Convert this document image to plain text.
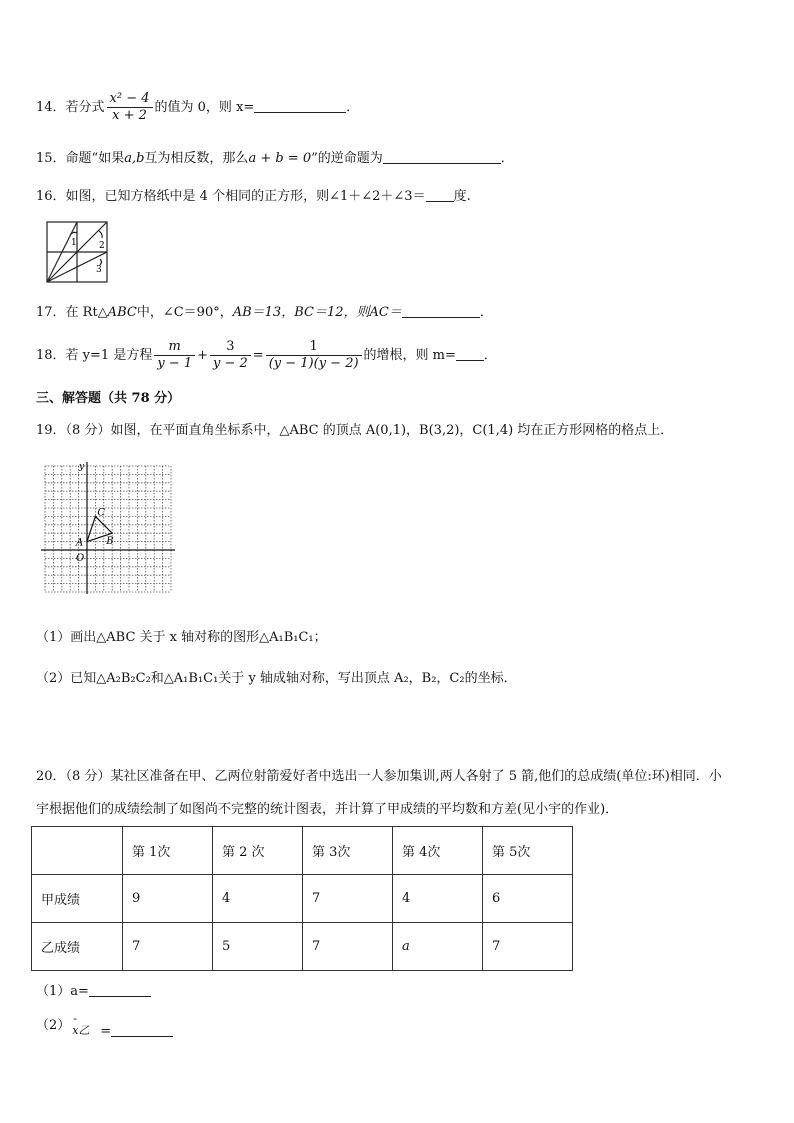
14．若分式 $\frac{\text{x² − 4}}{x + 2}$ 的值为 0，则 x=	．
15．命题“如果a,b互为相反数，那么a + b = 0”的逆命题为	．
16．如图，已知方格纸中是 4 个相同的正方形，则∠1＋∠2＋∠3＝ 度.
1 2
3
17．在 Rt△ABC中，∠C＝90°，AB＝13，BC＝12，则AC＝	．
18．若 y=1 是方程 $\frac{m}{y - 1} + \frac{3}{y - 2} = \frac{1}{(y - 1)(y - 2)}$ 的增根，则 m= ．
三、解答题（共 78 分）
19．（8 分）如图，在平面直角坐标系中，△ABC 的顶点 A(0,1)，B(3,2)，C(1,4) 均在正方形网格的格点上．
y
C
A B
O
（1）画出△ABC 关于 x 轴对称的图形△A₁B₁C₁；
（2）已知△A₂B₂C₂和△A₁B₁C₁关于 y 轴成轴对称，写出顶点 A₂，B₂，C₂的坐标．
20．（8 分）某社区准备在甲、乙两位射箭爱好者中选出一人参加集训,两人各射了 5 箭,他们的总成绩(单位:环)相同．小
宇根据他们的成绩绘制了如图尚不完整的统计图表，并计算了甲成绩的平均数和方差(见小宇的作业)．
	第 1次	第 2 次	第 3次	第 4次	第 5次
甲成绩	9	4	7	4	6
乙成绩	7	5	7	a	7
（1）a=
（2） -
x乙 =
